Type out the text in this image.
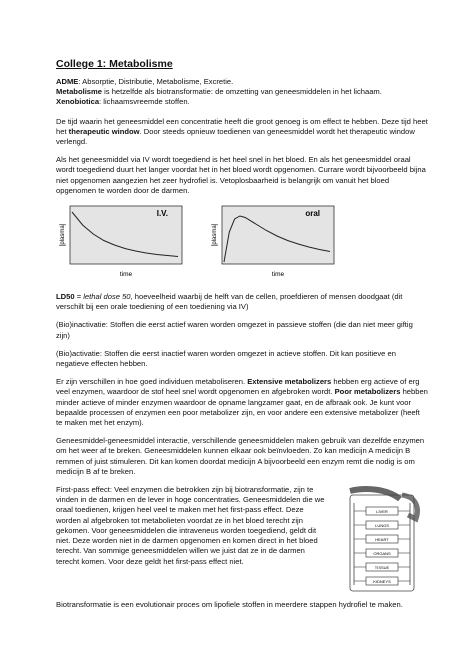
College 1: Metabolisme

ADME: Absorptie, Distributie, Metabolisme, Excretie.

Metabolisme is hetzelfde als biotransformatie: de omzetting van geneesmiddelen in het lichaam.

Xenobiotica: lichaamsvreemde stoffen.

De tijd waarin het geneesmiddel een concentratie heeft die groot genoeg is om effect te hebben. Deze tijd heet het therapeutic window. Door steeds opnieuw toedienen van geneesmiddel wordt het therapeutic window verlengd.

Als het geneesmiddel via IV wordt toegediend is het heel snel in het bloed. En als het geneesmiddel oraal wordt toegediend duurt het langer voordat het in het bloed wordt opgenomen. Currare wordt bijvoorbeeld bijna niet opgenomen aangezien het zeer hydrofiel is. Vetoplosbaarheid is belangrijk om vanuit het bloed opgenomen te worden door de darmen.

I.V.
[plasma]
time
oral
[plasma]
time

LD50 = lethal dose 50, hoeveelheid waarbij de helft van de cellen, proefdieren of mensen doodgaat (dit verschilt bij een orale toediening of een toediening via IV)

(Bio)inactivatie: Stoffen die eerst actief waren worden omgezet in passieve stoffen (die dan niet meer giftig zijn)

(Bio)activatie: Stoffen die eerst inactief waren worden omgezet in actieve stoffen. Dit kan positieve en negatieve effecten hebben.

Er zijn verschillen in hoe goed individuen metaboliseren. Extensive metabolizers hebben erg actieve of erg veel enzymen, waardoor de stof heel snel wordt opgenomen en afgebroken wordt. Poor metabolizers hebben minder actieve of minder enzymen waardoor de opname langzamer gaat, en de afbraak ook. Je kunt voor bepaalde processen of enzymen een poor metabolizer zijn, en voor andere een extensive metabolizer (heeft te maken met het enzym).

Geneesmiddel-geneesmiddel interactie, verschillende geneesmiddelen maken gebruik van dezelfde enzymen om het weer af te breken. Geneesmiddelen kunnen elkaar ook beïnvloeden. Zo kan medicijn A medicijn B remmen of juist stimuleren. Dit kan komen doordat medicijn A bijvoorbeeld een enzym remt die nodig is om medicijn B af te breken.

First-pass effect: Veel enzymen die betrokken zijn bij biotransformatie, zijn te vinden in de darmen en de lever in hoge concentraties. Geneesmiddelen die we oraal toedienen, krijgen heel veel te maken met het first-pass effect. Deze worden al afgebroken tot metabolieten voordat ze in het bloed terecht zijn gekomen. Voor geneesmiddelen die intraveneus worden toegediend, geldt dit niet. Deze worden niet in de darmen opgenomen en komen direct in het bloed terecht. Van sommige geneesmiddelen willen we juist dat ze in de darmen terecht komen. Voor deze geldt het first-pass effect niet.

LIVER
LUNGS
HEART
ORGANS
TISSUE
KIDNEYS

Biotransformatie is een evolutionair proces om lipofiele stoffen in meerdere stappen hydrofiel te maken.
